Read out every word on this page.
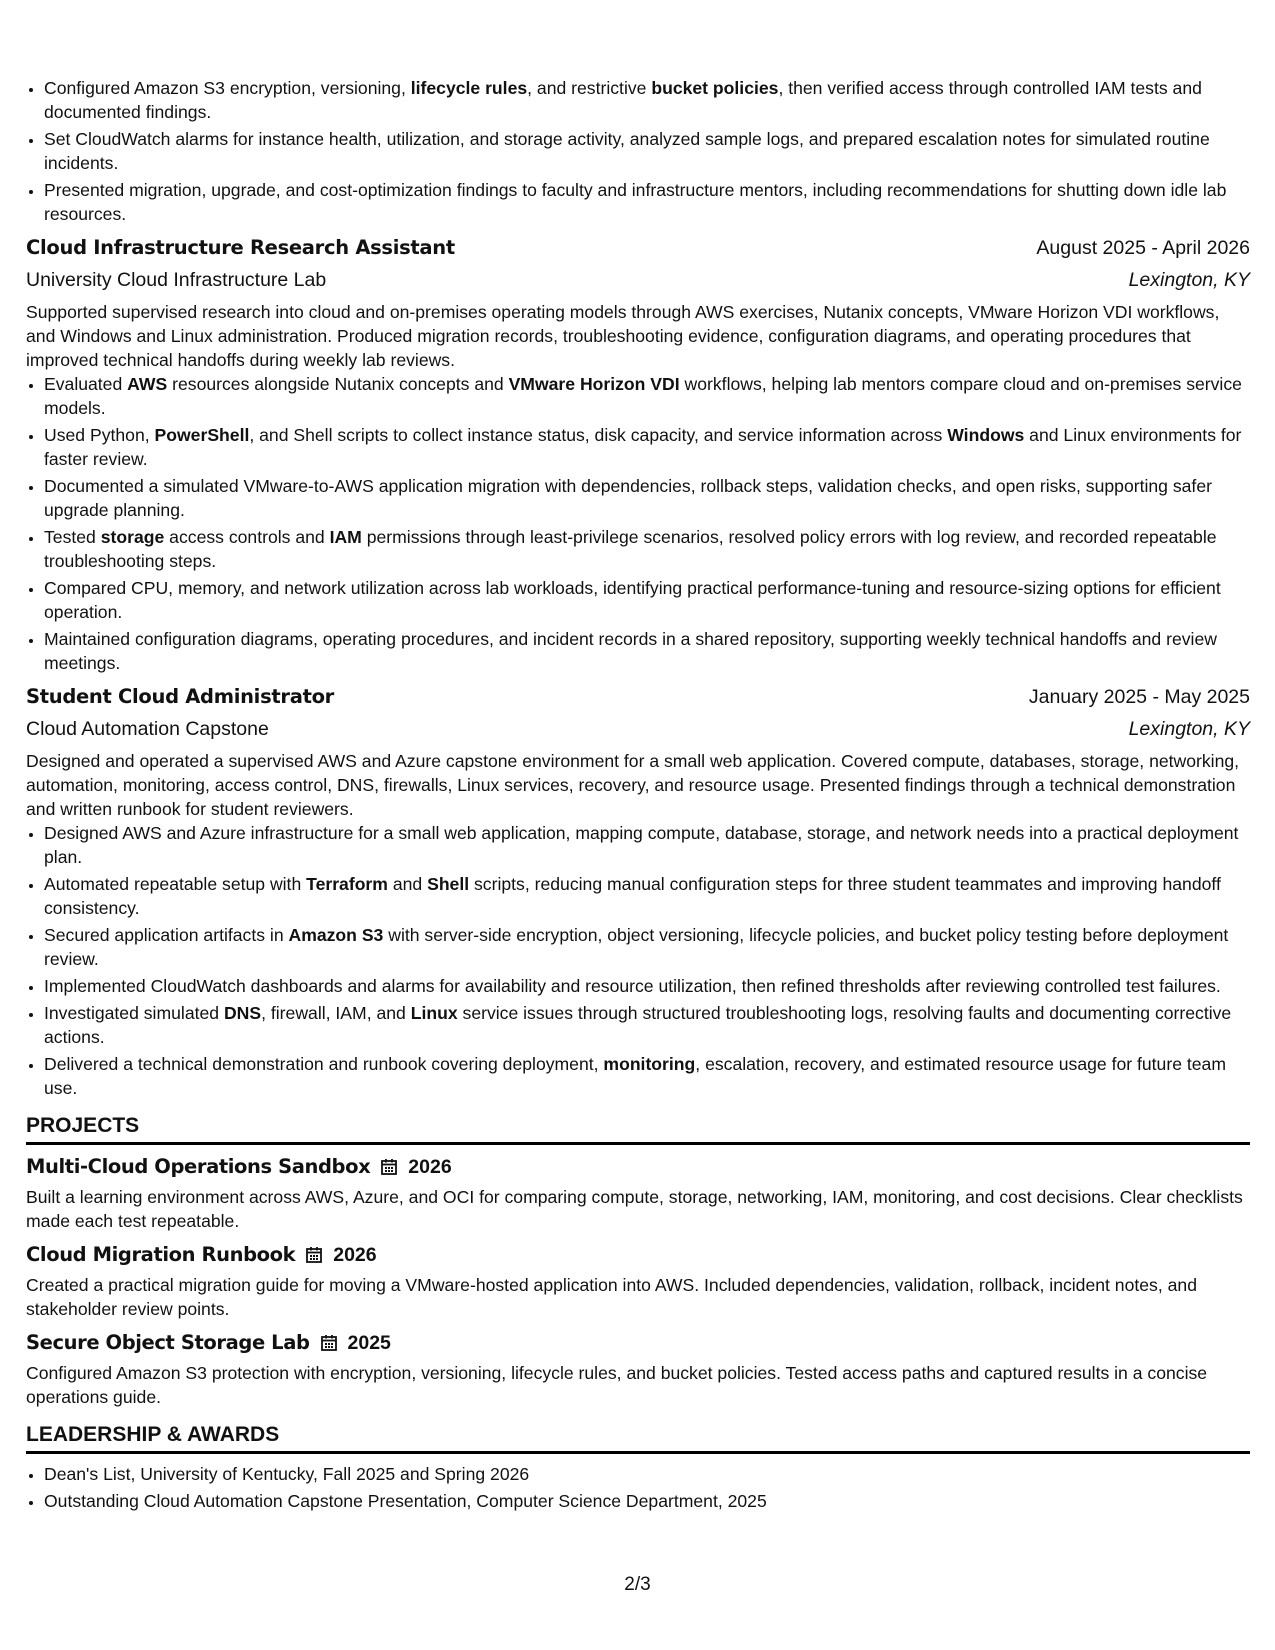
• Configured Amazon S3 encryption, versioning, lifecycle rules, and restrictive bucket policies, then verified access through controlled IAM tests and documented findings.
• Set CloudWatch alarms for instance health, utilization, and storage activity, analyzed sample logs, and prepared escalation notes for simulated routine incidents.
• Presented migration, upgrade, and cost-optimization findings to faculty and infrastructure mentors, including recommendations for shutting down idle lab resources.
Cloud Infrastructure Research Assistant	August 2025 - April 2026
University Cloud Infrastructure Lab	Lexington, KY
Supported supervised research into cloud and on-premises operating models through AWS exercises, Nutanix concepts, VMware Horizon VDI workflows, and Windows and Linux administration. Produced migration records, troubleshooting evidence, configuration diagrams, and operating procedures that improved technical handoffs during weekly lab reviews.
• Evaluated AWS resources alongside Nutanix concepts and VMware Horizon VDI workflows, helping lab mentors compare cloud and on-premises service models.
• Used Python, PowerShell, and Shell scripts to collect instance status, disk capacity, and service information across Windows and Linux environments for faster review.
• Documented a simulated VMware-to-AWS application migration with dependencies, rollback steps, validation checks, and open risks, supporting safer upgrade planning.
• Tested storage access controls and IAM permissions through least-privilege scenarios, resolved policy errors with log review, and recorded repeatable troubleshooting steps.
• Compared CPU, memory, and network utilization across lab workloads, identifying practical performance-tuning and resource-sizing options for efficient operation.
• Maintained configuration diagrams, operating procedures, and incident records in a shared repository, supporting weekly technical handoffs and review meetings.
Student Cloud Administrator	January 2025 - May 2025
Cloud Automation Capstone	Lexington, KY
Designed and operated a supervised AWS and Azure capstone environment for a small web application. Covered compute, databases, storage, networking, automation, monitoring, access control, DNS, firewalls, Linux services, recovery, and resource usage. Presented findings through a technical demonstration and written runbook for student reviewers.
• Designed AWS and Azure infrastructure for a small web application, mapping compute, database, storage, and network needs into a practical deployment plan.
• Automated repeatable setup with Terraform and Shell scripts, reducing manual configuration steps for three student teammates and improving handoff consistency.
• Secured application artifacts in Amazon S3 with server-side encryption, object versioning, lifecycle policies, and bucket policy testing before deployment review.
• Implemented CloudWatch dashboards and alarms for availability and resource utilization, then refined thresholds after reviewing controlled test failures.
• Investigated simulated DNS, firewall, IAM, and Linux service issues through structured troubleshooting logs, resolving faults and documenting corrective actions.
• Delivered a technical demonstration and runbook covering deployment, monitoring, escalation, recovery, and estimated resource usage for future team use.
PROJECTS
Multi-Cloud Operations Sandbox 2026
Built a learning environment across AWS, Azure, and OCI for comparing compute, storage, networking, IAM, monitoring, and cost decisions. Clear checklists made each test repeatable.
Cloud Migration Runbook 2026
Created a practical migration guide for moving a VMware-hosted application into AWS. Included dependencies, validation, rollback, incident notes, and stakeholder review points.
Secure Object Storage Lab 2025
Configured Amazon S3 protection with encryption, versioning, lifecycle rules, and bucket policies. Tested access paths and captured results in a concise operations guide.
LEADERSHIP & AWARDS
• Dean's List, University of Kentucky, Fall 2025 and Spring 2026
• Outstanding Cloud Automation Capstone Presentation, Computer Science Department, 2025
2/3
